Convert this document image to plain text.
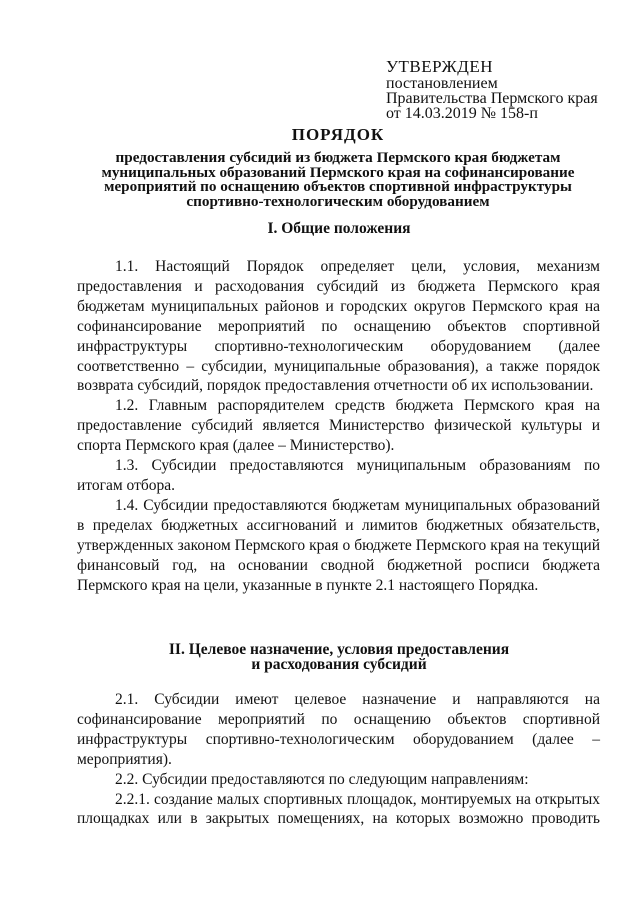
УТВЕРЖДЕН
постановлением
Правительства Пермского края
от 14.03.2019 № 158-п
ПОРЯДОК
предоставления субсидий из бюджета Пермского края бюджетам муниципальных образований Пермского края на софинансирование мероприятий по оснащению объектов спортивной инфраструктуры спортивно-технологическим оборудованием
I. Общие положения

1.1. Настоящий Порядок определяет цели, условия, механизм предоставления и расходования субсидий из бюджета Пермского края бюджетам муниципальных районов и городских округов Пермского края на софинансирование мероприятий по оснащению объектов спортивной инфраструктуры спортивно-технологическим оборудованием (далее соответственно – субсидии, муниципальные образования), а также порядок возврата субсидий, порядок предоставления отчетности об их использовании.

1.2. Главным распорядителем средств бюджета Пермского края на предоставление субсидий является Министерство физической культуры и спорта Пермского края (далее – Министерство).

1.3. Субсидии предоставляются муниципальным образованиям по итогам отбора.

1.4. Субсидии предоставляются бюджетам муниципальных образований в пределах бюджетных ассигнований и лимитов бюджетных обязательств, утвержденных законом Пермского края о бюджете Пермского края на текущий финансовый год, на основании сводной бюджетной росписи бюджета Пермского края на цели, указанные в пункте 2.1 настоящего Порядка.

II. Целевое назначение, условия предоставления
и расходования субсидий

2.1. Субсидии имеют целевое назначение и направляются на софинансирование мероприятий по оснащению объектов спортивной инфраструктуры спортивно-технологическим оборудованием (далее – мероприятия).

2.2. Субсидии предоставляются по следующим направлениям:

2.2.1. создание малых спортивных площадок, монтируемых на открытых площадках или в закрытых помещениях, на которых возможно проводить
